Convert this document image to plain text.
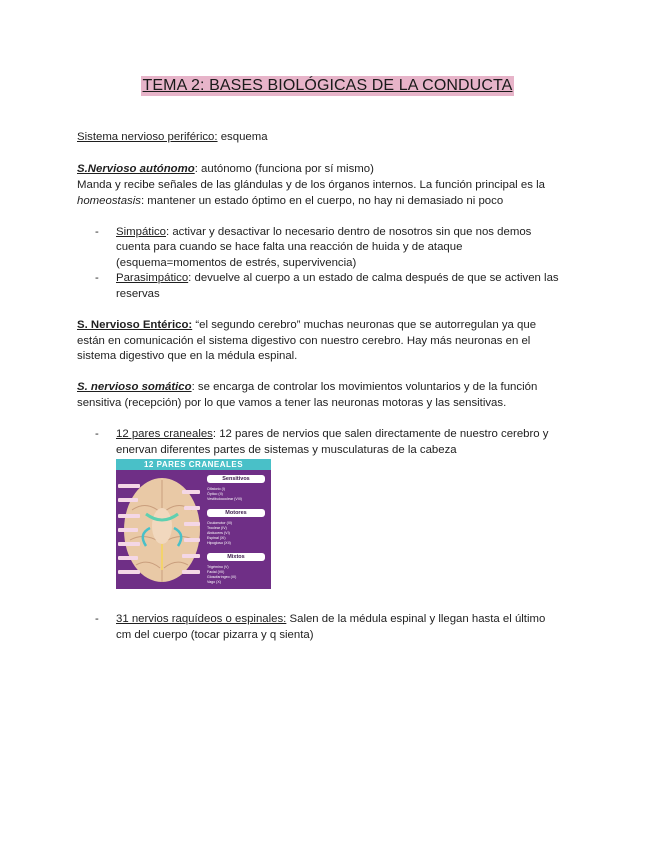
TEMA 2: BASES BIOLÓGICAS DE LA CONDUCTA
Sistema nervioso periférico: esquema
S.Nervioso autónomo: autónomo (funciona por sí mismo)
Manda y recibe señales de las glándulas y de los órganos internos. La función principal es la
homeostasis: mantener un estado óptimo en el cuerpo, no hay ni demasiado ni poco
- Simpático: activar y desactivar lo necesario dentro de nosotros sin que nos demos
cuenta para cuando se hace falta una reacción de huida y de ataque
(esquema=momentos de estrés, supervivencia)
- Parasimpático: devuelve al cuerpo a un estado de calma después de que se activen las
reservas
S. Nervioso Entérico: “el segundo cerebro” muchas neuronas que se autorregulan ya que
están en comunicación el sistema digestivo con nuestro cerebro. Hay más neuronas en el
sistema digestivo que en la médula espinal.
S. nervioso somático: se encarga de controlar los movimientos voluntarios y de la función
sensitiva (recepción) por lo que vamos a tener las neuronas motoras y las sensitivas.
- 12 pares craneales: 12 pares de nervios que salen directamente de nuestro cerebro y
enervan diferentes partes de sistemas y musculaturas de la cabeza
12 PARES CRANEALES
Sensitivos
Olfatorio (I)
Óptico (II)
Vestibulococlear (VIII)
Motores
Oculomotor (III)
Troclear (IV)
Abducens (VI)
Espinal (XI)
Hipogloso (XII)
Mixtos
Trigémino (V)
Facial (VII)
Glosofaríngeo (IX)
Vago (X)
- 31 nervios raquídeos o espinales: Salen de la médula espinal y llegan hasta el último
cm del cuerpo (tocar pizarra y q sienta)
